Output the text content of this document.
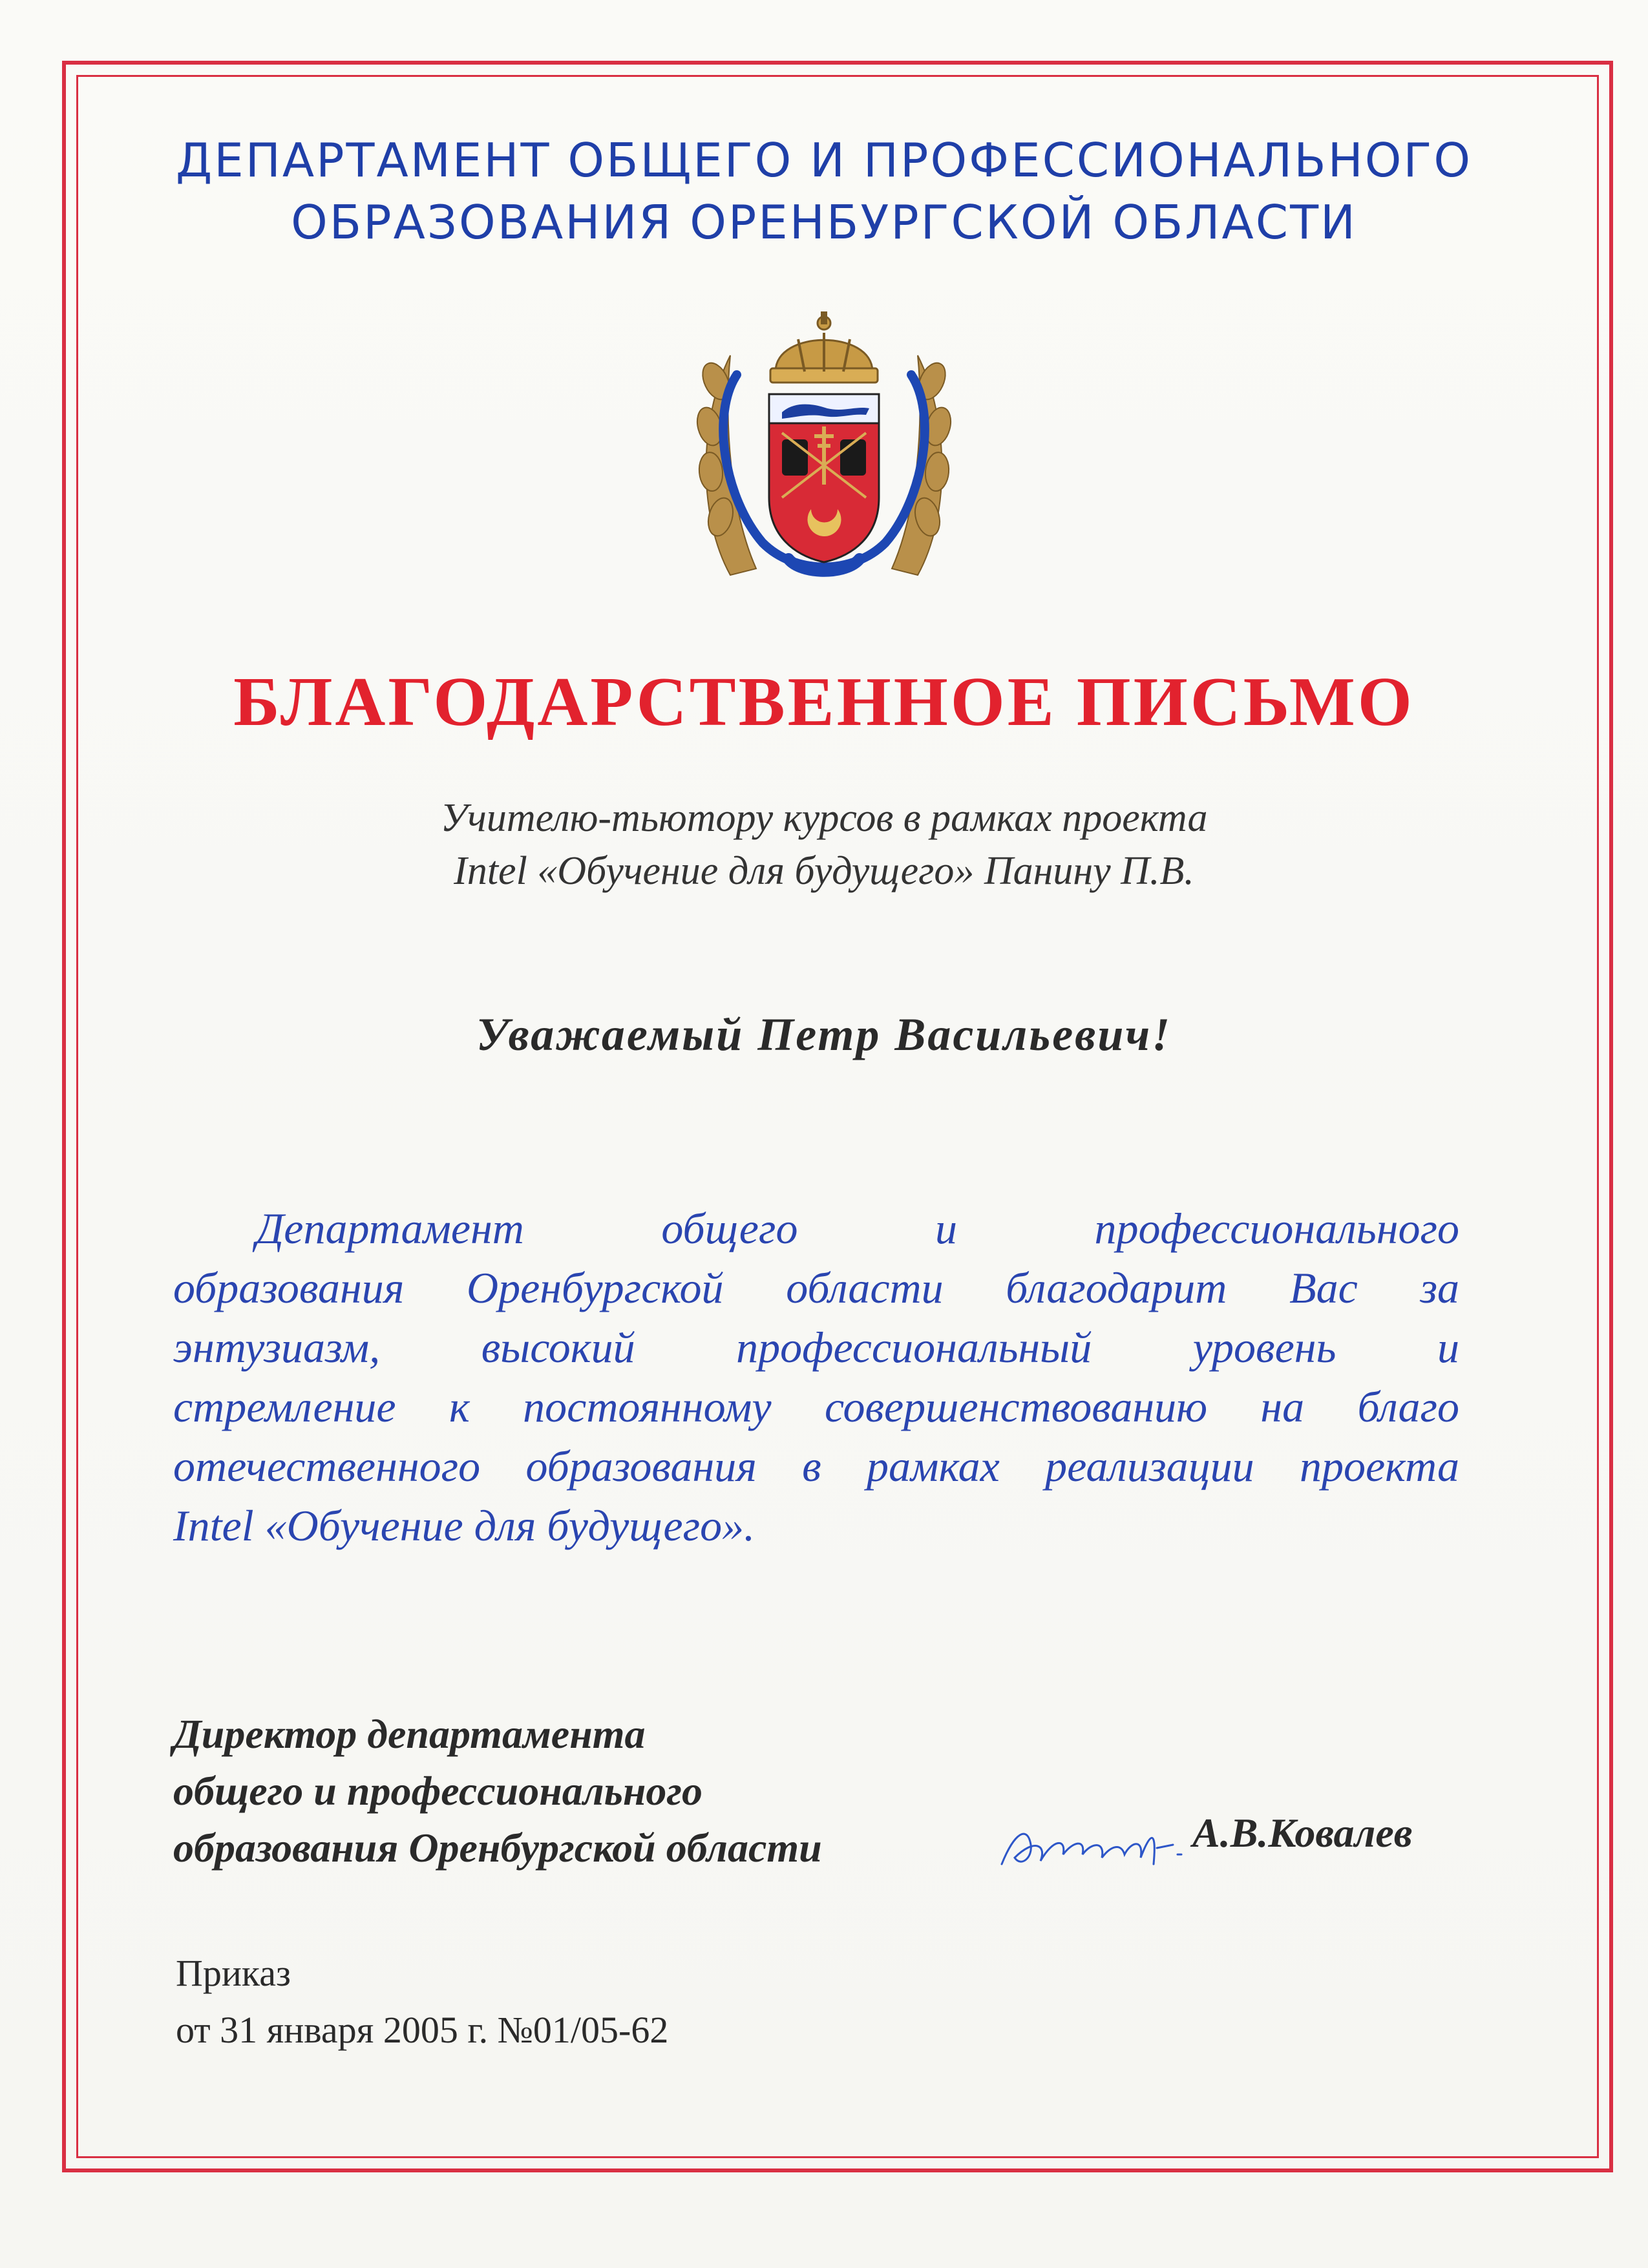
ДЕПАРТАМЕНТ ОБЩЕГО И ПРОФЕССИОНАЛЬНОГО
ОБРАЗОВАНИЯ ОРЕНБУРГСКОЙ ОБЛАСТИ
БЛАГОДАРСТВЕННОЕ ПИСЬМО
Учителю-тьютору курсов в рамках проекта
Intel «Обучение для будущего» Панину П.В.
Уважаемый Петр Васильевич!
Департамент общего и профессионального
образования Оренбургской области благодарит Вас за
энтузиазм, высокий профессиональный уровень и
стремление к постоянному совершенствованию на благо
отечественного образования в рамках реализации проекта
Intel «Обучение для будущего».
Директор департамента
общего и профессионального
образования Оренбургской области	А.В.Ковалев
Приказ
от 31 января 2005 г. №01/05-62
